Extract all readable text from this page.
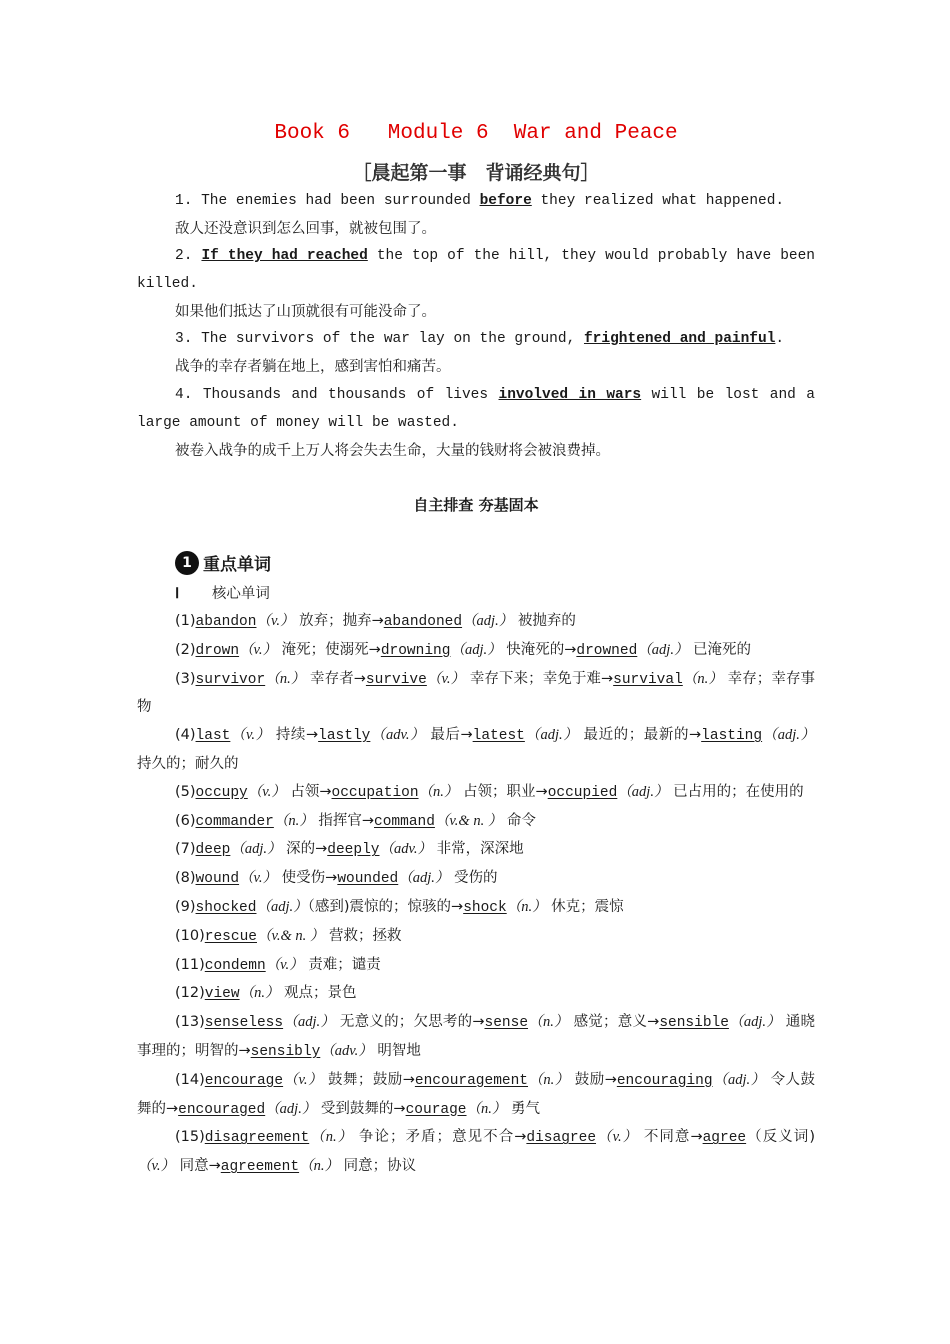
Book 6   Module 6  War and Peace
［晨起第一事　背诵经典句］
1. The enemies had been surrounded before they realized what happened.
敌人还没意识到怎么回事，就被包围了。
2. If they had reached the top of the hill, they would probably have been killed.
如果他们抵达了山顶就很有可能没命了。
3. The survivors of the war lay on the ground, frightened and painful.
战争的幸存者躺在地上，感到害怕和痛苦。
4. Thousands and thousands of lives involved in wars will be lost and a large amount of money will be wasted.
被卷入战争的成千上万人将会失去生命，大量的钱财将会被浪费掉。
自主排查 夯基固本
1 重点单词
Ⅰ 核心单词
(1)abandon（v.） 放弃；抛弃→abandoned（adj.） 被抛弃的
(2)drown（v.） 淹死；使溺死→drowning（adj.） 快淹死的→drowned（adj.） 已淹死的
(3)survivor（n.） 幸存者→survive（v.） 幸存下来；幸免于难→survival（n.） 幸存；幸存事物
(4)last（v.） 持续→lastly（adv.） 最后→latest（adj.） 最近的；最新的→lasting（adj.） 持久的；耐久的
(5)occupy（v.） 占领→occupation（n.） 占领；职业→occupied（adj.） 已占用的；在使用的
(6)commander（n.） 指挥官→command（v.& n. ） 命令
(7)deep（adj.） 深的→deeply（adv.） 非常，深深地
(8)wound（v.） 使受伤→wounded（adj.） 受伤的
(9)shocked（adj.）（感到)震惊的；惊骇的→shock（n.） 休克；震惊
(10)rescue（v.& n. ） 营救；拯救
(11)condemn（v.） 责难；谴责
(12)view（n.） 观点；景色
(13)senseless（adj.） 无意义的；欠思考的→sense（n.） 感觉；意义→sensible（adj.） 通晓事理的；明智的→sensibly（adv.） 明智地
(14)encourage（v.） 鼓舞；鼓励→encouragement（n.） 鼓励→encouraging（adj.） 令人鼓舞的→encouraged（adj.） 受到鼓舞的→courage（n.） 勇气
(15)disagreement（n.） 争论；矛盾；意见不合→disagree（v.） 不同意→agree（反义词)（v.） 同意→agreement（n.） 同意；协议
